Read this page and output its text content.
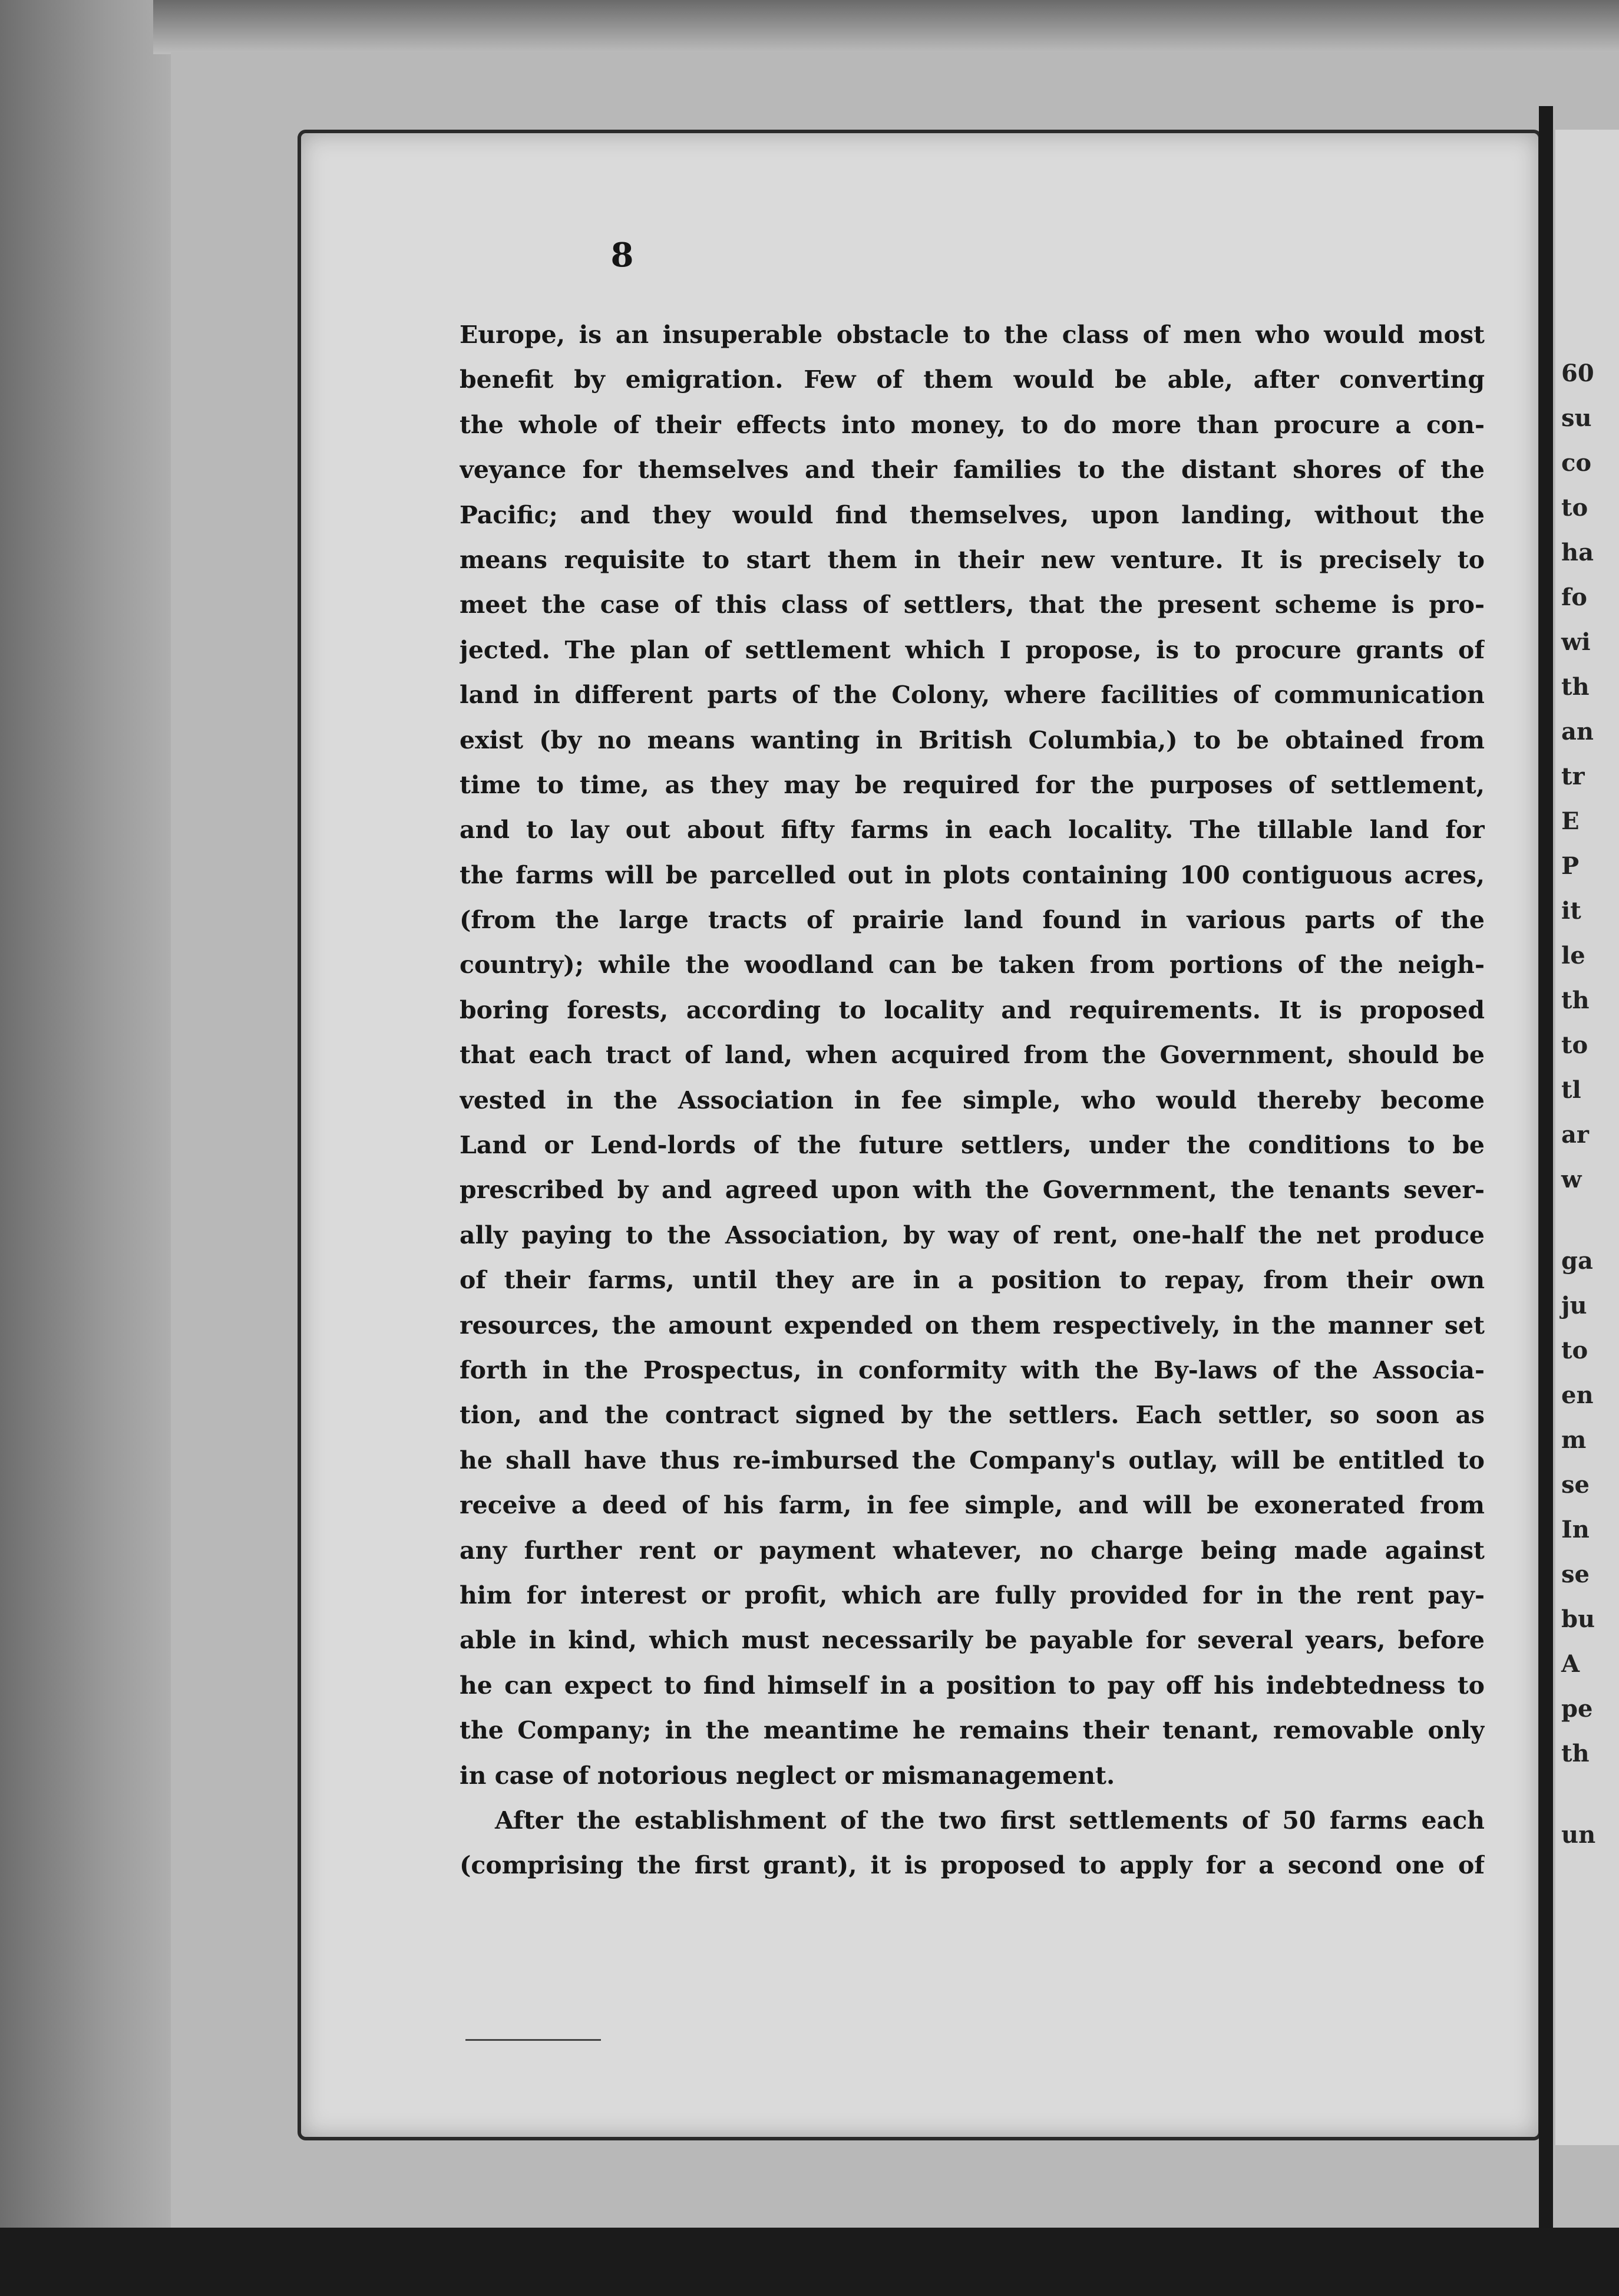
8
Europe, is an insuperable obstacle to the class of men who would most
benefit by emigration. Few of them would be able, after converting
the whole of their effects into money, to do more than procure a con-
veyance for themselves and their families to the distant shores of the
Pacific; and they would find themselves, upon landing, without the
means requisite to start them in their new venture. It is precisely to
meet the case of this class of settlers, that the present scheme is pro-
jected. The plan of settlement which I propose, is to procure grants of
land in different parts of the Colony, where facilities of communication
exist (by no means wanting in British Columbia,) to be obtained from
time to time, as they may be required for the purposes of settlement,
and to lay out about fifty farms in each locality. The tillable land for
the farms will be parcelled out in plots containing 100 contiguous acres,
(from the large tracts of prairie land found in various parts of the
country); while the woodland can be taken from portions of the neigh-
boring forests, according to locality and requirements. It is proposed
that each tract of land, when acquired from the Government, should be
vested in the Association in fee simple, who would thereby become
Land or Lend-lords of the future settlers, under the conditions to be
prescribed by and agreed upon with the Government, the tenants sever-
ally paying to the Association, by way of rent, one-half the net produce
of their farms, until they are in a position to repay, from their own
resources, the amount expended on them respectively, in the manner set
forth in the Prospectus, in conformity with the By-laws of the Associa-
tion, and the contract signed by the settlers. Each settler, so soon as
he shall have thus re-imbursed the Company's outlay, will be entitled to
receive a deed of his farm, in fee simple, and will be exonerated from
any further rent or payment whatever, no charge being made against
him for interest or profit, which are fully provided for in the rent pay-
able in kind, which must necessarily be payable for several years, before
he can expect to find himself in a position to pay off his indebtedness to
the Company; in the meantime he remains their tenant, removable only
in case of notorious neglect or mismanagement.
After the establishment of the two first settlements of 50 farms each
(comprising the first grant), it is proposed to apply for a second one of
60
su
co
to
ha
fo
wi
th
an
tr
E
P
it
le
th
to
tl
ar
w
ga
ju
to
en
m
se
In
se
bu
A
pe
th
un
